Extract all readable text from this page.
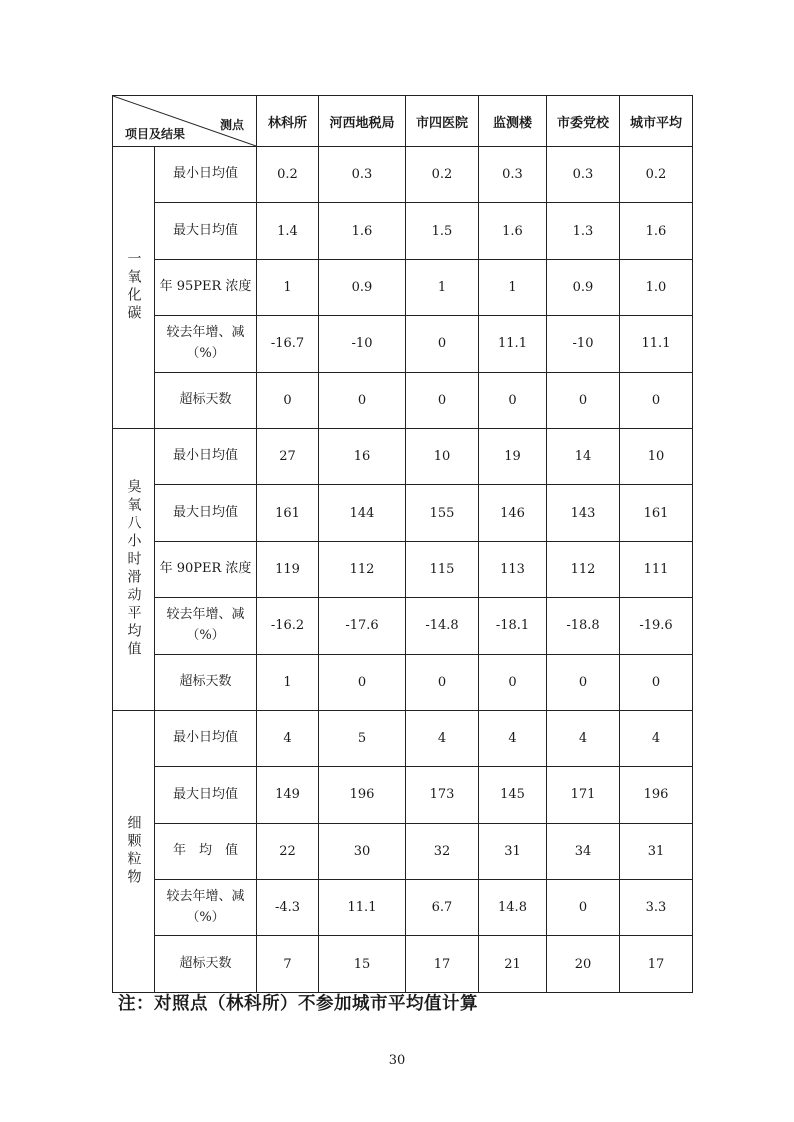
测点
项目及结果		林科所	河西地税局	市四医院	监测楼	市委党校	城市平均
一氧化碳	最小日均值	0.2	0.3	0.2	0.3	0.3	0.2
	最大日均值	1.4	1.6	1.5	1.6	1.3	1.6
	年 95PER 浓度	1	0.9	1	1	0.9	1.0
	较去年增、减（%）	-16.7	-10	0	11.1	-10	11.1
	超标天数	0	0	0	0	0	0
臭氧八小时滑动平均值	最小日均值	27	16	10	19	14	10
	最大日均值	161	144	155	146	143	161
	年 90PER 浓度	119	112	115	113	112	111
	较去年增、减（%）	-16.2	-17.6	-14.8	-18.1	-18.8	-19.6
	超标天数	1	0	0	0	0	0
细颗粒物	最小日均值	4	5	4	4	4	4
	最大日均值	149	196	173	145	171	196
	年　均　值	22	30	32	31	34	31
	较去年增、减（%）	-4.3	11.1	6.7	14.8	0	3.3
	超标天数	7	15	17	21	20	17
注：对照点（林科所）不参加城市平均值计算
30
